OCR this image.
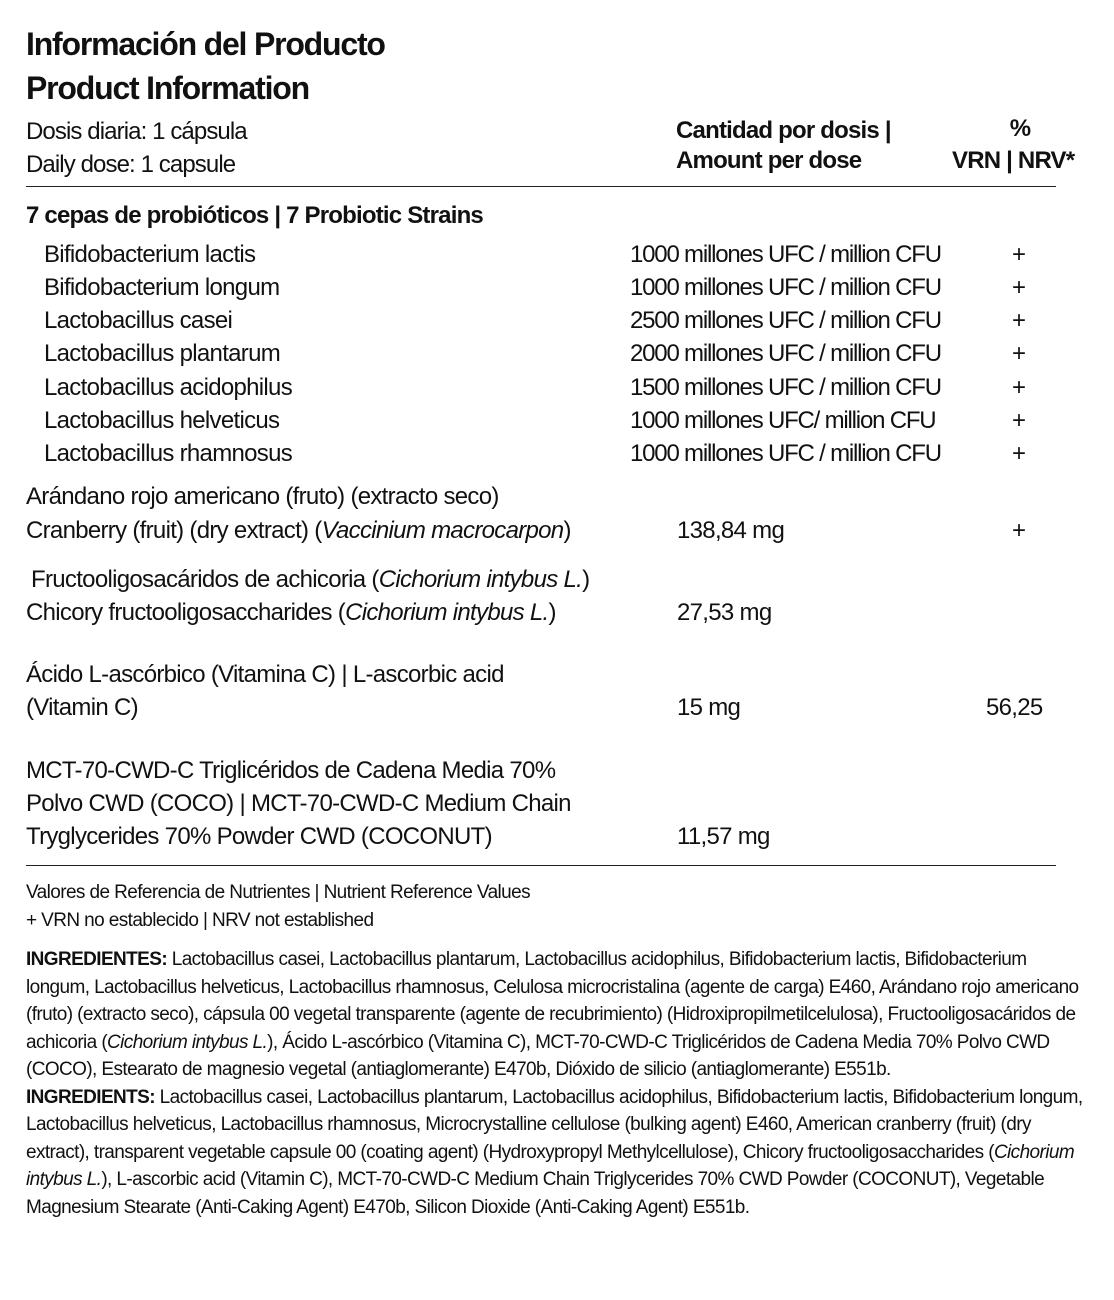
Información del Producto
Product Information
Dosis diaria: 1 cápsula
Daily dose: 1 capsule
Cantidad por dosis |
Amount per dose
%
VRN | NRV*
7 cepas de probióticos | 7 Probiotic Strains
Bifidobacterium lactis	1000 millones UFC / million CFU	+
Bifidobacterium longum	1000 millones UFC / million CFU	+
Lactobacillus casei	2500 millones UFC / million CFU	+
Lactobacillus plantarum	2000 millones UFC / million CFU	+
Lactobacillus acidophilus	1500 millones UFC / million CFU	+
Lactobacillus helveticus	1000 millones UFC/ million CFU	+
Lactobacillus rhamnosus	1000 millones UFC / million CFU	+
Arándano rojo americano (fruto) (extracto seco)
Cranberry (fruit) (dry extract) (Vaccinium macrocarpon)	138,84 mg	+
Fructooligosacáridos de achicoria (Cichorium intybus L.)
Chicory fructooligosaccharides (Cichorium intybus L.)	27,53 mg
Ácido L-ascórbico (Vitamina C) | L-ascorbic acid
(Vitamin C)	15 mg	56,25
MCT-70-CWD-C Triglicéridos de Cadena Media 70%
Polvo CWD (COCO) | MCT-70-CWD-C Medium Chain
Tryglycerides 70% Powder CWD (COCONUT)	11,57 mg
Valores de Referencia de Nutrientes | Nutrient Reference Values
+ VRN no establecido | NRV not established
INGREDIENTES: Lactobacillus casei, Lactobacillus plantarum, Lactobacillus acidophilus, Bifidobacterium lactis, Bifidobacterium longum, Lactobacillus helveticus, Lactobacillus rhamnosus, Celulosa microcristalina (agente de carga) E460, Arándano rojo americano (fruto) (extracto seco), cápsula 00 vegetal transparente (agente de recubrimiento) (Hidroxipropilmetilcelulosa), Fructooligosacáridos de achicoria (Cichorium intybus L.), Ácido L-ascórbico (Vitamina C), MCT-70-CWD-C Triglicéridos de Cadena Media 70% Polvo CWD (COCO), Estearato de magnesio vegetal (antiaglomerante) E470b, Dióxido de silicio (antiaglomerante) E551b.
INGREDIENTS: Lactobacillus casei, Lactobacillus plantarum, Lactobacillus acidophilus, Bifidobacterium lactis, Bifidobacterium longum, Lactobacillus helveticus, Lactobacillus rhamnosus, Microcrystalline cellulose (bulking agent) E460, American cranberry (fruit) (dry extract), transparent vegetable capsule 00 (coating agent) (Hydroxypropyl Methylcellulose), Chicory fructooligosaccharides (Cichorium intybus L.), L-ascorbic acid (Vitamin C), MCT-70-CWD-C Medium Chain Triglycerides 70% CWD Powder (COCONUT), Vegetable Magnesium Stearate (Anti-Caking Agent) E470b, Silicon Dioxide (Anti-Caking Agent) E551b.
